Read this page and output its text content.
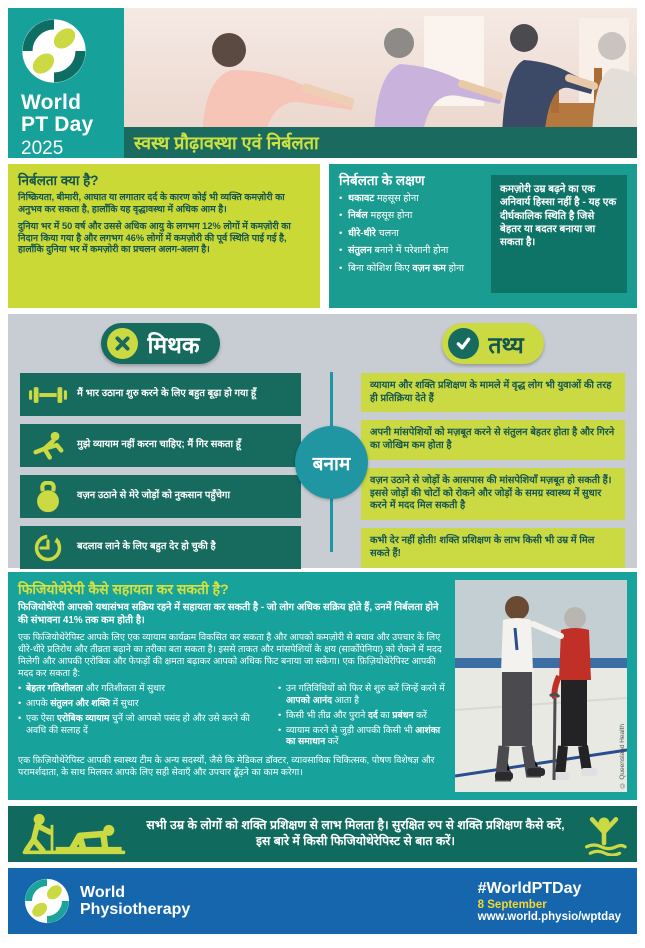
World
PT Day
2025	स्वस्थ प्रौढ़ावस्था एवं निर्बलता
निर्बलता क्या है?

निष्क्रियता, बीमारी, आघात या लगातार दर्द के कारण कोई भी व्यक्ति कमज़ोरी का अनुभव कर सकता है, हालाँकि यह वृद्धावस्था में अधिक आम है।

दुनिया भर में 50 वर्ष और उससे अधिक आयु के लगभग 12% लोगों में कमज़ोरी का निदान किया गया है और लगभग 46% लोगों में कमज़ोरी की पूर्व स्थिति पाई गई है, हालाँकि दुनिया भर में कमज़ोरी का प्रचलन अलग-अलग है।

निर्बलता के लक्षण
• थकावट महसूस होना
• निर्बल महसूस होना
• धीरे-धीरे चलना
• संतुलन बनाने में परेशानी होना
• बिना कोशिश किए वज़न कम होना
कमज़ोरी उम्र बढ़ने का एक अनिवार्य हिस्सा नहीं है - यह एक दीर्घकालिक स्थिति है जिसे बेहतर या बदतर बनाया जा सकता है।
मिथक
मैं भार उठाना शुरु करने के लिए बहुत बूढ़ा हो गया हूँ
मुझे व्यायाम नहीं करना चाहिए; मैं गिर सकता हूँ
वज़न उठाने से मेरे जोड़ों को नुकसान पहुँचेगा
बदलाव लाने के लिए बहुत देर हो चुकी है
तथ्य
व्यायाम और शक्ति प्रशिक्षण के मामले में वृद्ध लोग भी युवाओं की तरह ही प्रतिक्रिया देते हैं
अपनी मांसपेशियों को मज़बूत करने से संतुलन बेहतर होता है और गिरने का जोखिम कम होता है
वज़न उठाने से जोड़ों के आसपास की मांसपेशियाँ मज़बूत हो सकती हैं। इससे जोड़ों की चोटों को रोकने और जोड़ों के समग्र स्वास्थ्य में सुधार करने में मदद मिल सकती है
कभी देर नहीं होती! शक्ति प्रशिक्षण के लाभ किसी भी उम्र में मिल सकते हैं!
बनाम
फिजियोथेरेपी कैसे सहायता कर सकती है?

फिजियोथेरेपी आपको यथासंभव सक्रिय रहने में सहायता कर सकती है - जो लोग अधिक सक्रिय होते हैं, उनमें निर्बलता होने की संभावना 41% तक कम होती है।

एक फिजियोथेरेपिस्ट आपके लिए एक व्यायाम कार्यक्रम विकसित कर सकता है और आपको कमज़ोरी से बचाव और उपचार के लिए धीरे-धीरे प्रतिरोध और तीव्रता बढ़ाने का तरीका बता सकता है। इससे ताकत और मांसपेशियों के क्षय (सार्कोपेनिया) को रोकने में मदद मिलेगी और आपकी एरोबिक और फेफड़ों की क्षमता बढ़ाकर आपको अधिक फिट बनाया जा सकेगा। एक फ़िज़ियोथेरेपिस्ट आपकी मदद कर सकता है:

• बेहतर गतिशीलता और गतिशीलता में सुधार
• आपके संतुलन और शक्ति में सुधार
• एक ऐसा एरोबिक व्यायाम चुनें जो आपको पसंद हो और उसे करने की अवधि की सलाह दें
• उन गतिविधियों को फिर से शुरु करें जिन्हें करने में आपको आनंद आता है
• किसी भी तीव्र और पुराने दर्द का प्रबंधन करें
• व्यायाम करने से जुड़ी आपकी किसी भी आशंका का समाधान करें

एक फ़िज़ियोथेरेपिस्ट आपकी स्वास्थ्य टीम के अन्य सदस्यों, जैसे कि मेडिकल डॉक्टर, व्यावसायिक चिकित्सक, पोषण विशेषज्ञ और परामर्शदाता, के साथ मिलकर आपके लिए सही सेवाएँ और उपचार ढूँढ़ने का काम करेगा।	© Queensland Health
सभी उम्र के लोगों को शक्ति प्रशिक्षण से लाभ मिलता है। सुरक्षित रुप से शक्ति प्रशिक्षण कैसे करें, इस बारे में किसी फिजियोथेरेपिस्ट से बात करें।
World
Physiotherapy
#WorldPTDay
8 September
www.world.physio/wptday
